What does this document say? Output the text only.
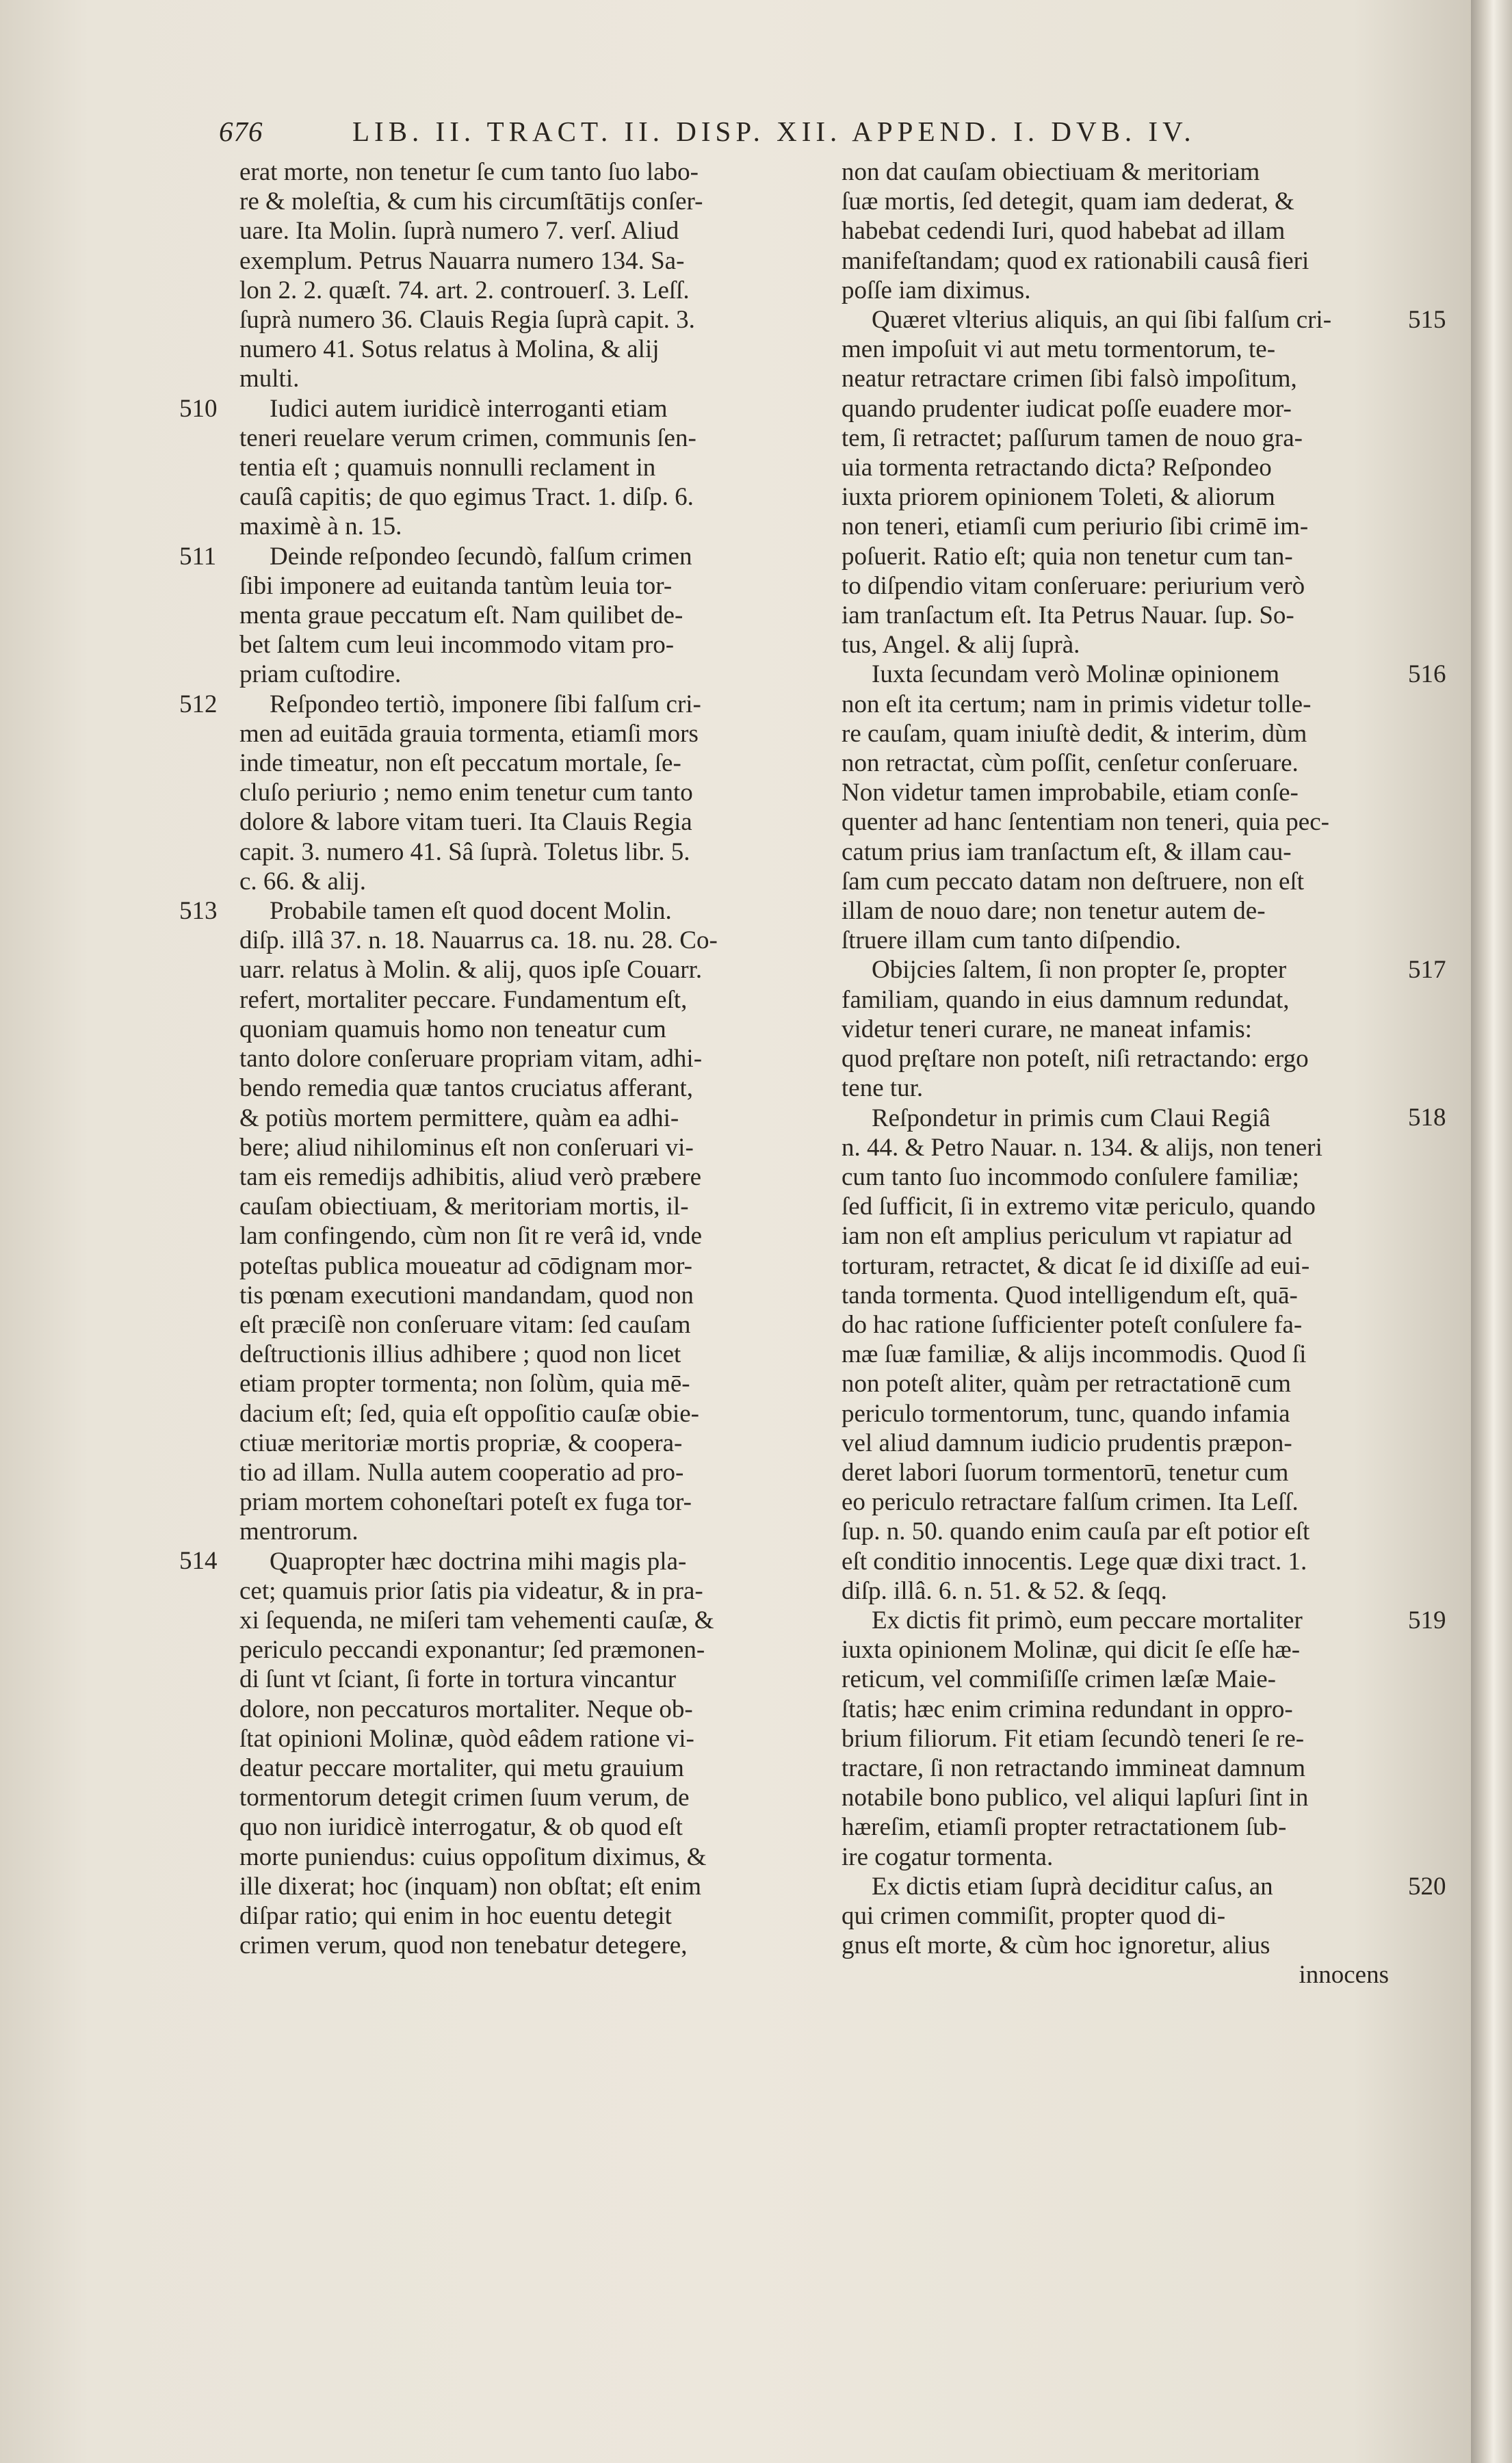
676	LIB. II. TRACT. II. DISP. XII. APPEND. I. DVB. IV.
erat morte, non tenetur ſe cum tanto ſuo labo-
re & moleſtia, & cum his circumſtātijs conſer-
uare. Ita Molin. ſuprà numero 7. verſ. Aliud
exemplum. Petrus Nauarra numero 134. Sa-
lon 2. 2. quæſt. 74. art. 2. controuerſ. 3. Leſſ.
ſuprà numero 36. Clauis Regia ſuprà capit. 3.
numero 41. Sotus relatus à Molina, & alij
multi.
Iudici autem iuridicè interroganti etiam
teneri reuelare verum crimen, communis ſen-
tentia eſt ; quamuis nonnulli reclament in
cauſâ capitis; de quo egimus Tract. 1. diſp. 6.
maximè à n. 15.
Deinde reſpondeo ſecundò, falſum crimen
ſibi imponere ad euitanda tantùm leuia tor-
menta graue peccatum eſt. Nam quilibet de-
bet ſaltem cum leui incommodo vitam pro-
priam cuſtodire.
Reſpondeo tertiò, imponere ſibi falſum cri-
men ad euitāda grauia tormenta, etiamſi mors
inde timeatur, non eſt peccatum mortale, ſe-
cluſo periurio ; nemo enim tenetur cum tanto
dolore & labore vitam tueri. Ita Clauis Regia
capit. 3. numero 41. Sâ ſuprà. Toletus libr. 5.
c. 66. & alij.
Probabile tamen eſt quod docent Molin.
diſp. illâ 37. n. 18. Nauarrus ca. 18. nu. 28. Co-
uarr. relatus à Molin. & alij, quos ipſe Couarr.
refert, mortaliter peccare. Fundamentum eſt,
quoniam quamuis homo non teneatur cum
tanto dolore conſeruare propriam vitam, adhi-
bendo remedia quæ tantos cruciatus afferant,
& potiùs mortem permittere, quàm ea adhi-
bere; aliud nihilominus eſt non conſeruari vi-
tam eis remedijs adhibitis, aliud verò præbere
cauſam obiectiuam, & meritoriam mortis, il-
lam confingendo, cùm non ſit re verâ id, vnde
poteſtas publica moueatur ad cōdignam mor-
tis pœnam executioni mandandam, quod non
eſt præciſè non conſeruare vitam: ſed cauſam
deſtructionis illius adhibere ; quod non licet
etiam propter tormenta; non ſolùm, quia mē-
dacium eſt; ſed, quia eſt oppoſitio cauſæ obie-
ctiuæ meritoriæ mortis propriæ, & coopera-
tio ad illam. Nulla autem cooperatio ad pro-
priam mortem cohoneſtari poteſt ex fuga tor-
mentrorum.
Quapropter hæc doctrina mihi magis pla-
cet; quamuis prior ſatis pia videatur, & in pra-
xi ſequenda, ne miſeri tam vehementi cauſæ, &
periculo peccandi exponantur; ſed præmonen-
di ſunt vt ſciant, ſi forte in tortura vincantur
dolore, non peccaturos mortaliter. Neque ob-
ſtat opinioni Molinæ, quòd eâdem ratione vi-
deatur peccare mortaliter, qui metu grauium
tormentorum detegit crimen ſuum verum, de
quo non iuridicè interrogatur, & ob quod eſt
morte puniendus: cuius oppoſitum diximus, &
ille dixerat; hoc (inquam) non obſtat; eſt enim
diſpar ratio; qui enim in hoc euentu detegit
crimen verum, quod non tenebatur detegere,
non dat cauſam obiectiuam & meritoriam
ſuæ mortis, ſed detegit, quam iam dederat, &
habebat cedendi Iuri, quod habebat ad illam
manifeſtandam; quod ex rationabili causâ fieri
poſſe iam diximus.
Quæret vlterius aliquis, an qui ſibi falſum cri-
men impoſuit vi aut metu tormentorum, te-
neatur retractare crimen ſibi falsò impoſitum,
quando prudenter iudicat poſſe euadere mor-
tem, ſi retractet; paſſurum tamen de nouo gra-
uia tormenta retractando dicta? Reſpondeo
iuxta priorem opinionem Toleti, & aliorum
non teneri, etiamſi cum periurio ſibi crimē im-
poſuerit. Ratio eſt; quia non tenetur cum tan-
to diſpendio vitam conſeruare: periurium verò
iam tranſactum eſt. Ita Petrus Nauar. ſup. So-
tus, Angel. & alij ſuprà.
Iuxta ſecundam verò Molinæ opinionem
non eſt ita certum; nam in primis videtur tolle-
re cauſam, quam iniuſtè dedit, & interim, dùm
non retractat, cùm poſſit, cenſetur conſeruare.
Non videtur tamen improbabile, etiam conſe-
quenter ad hanc ſententiam non teneri, quia pec-
catum prius iam tranſactum eſt, & illam cau-
ſam cum peccato datam non deſtruere, non eſt
illam de nouo dare; non tenetur autem de-
ſtruere illam cum tanto diſpendio.
Obijcies ſaltem, ſi non propter ſe, propter
familiam, quando in eius damnum redundat,
videtur teneri curare, ne maneat infamis:
quod pręſtare non poteſt, niſi retractando: ergo
tene tur.
Reſpondetur in primis cum Claui Regiâ
n. 44. & Petro Nauar. n. 134. & alijs, non teneri
cum tanto ſuo incommodo conſulere familiæ;
ſed ſufficit, ſi in extremo vitæ periculo, quando
iam non eſt amplius periculum vt rapiatur ad
torturam, retractet, & dicat ſe id dixiſſe ad eui-
tanda tormenta. Quod intelligendum eſt, quā-
do hac ratione ſufficienter poteſt conſulere fa-
mæ ſuæ familiæ, & alijs incommodis. Quod ſi
non poteſt aliter, quàm per retractationē cum
periculo tormentorum, tunc, quando infamia
vel aliud damnum iudicio prudentis præpon-
deret labori ſuorum tormentorū, tenetur cum
eo periculo retractare falſum crimen. Ita Leſſ.
ſup. n. 50. quando enim cauſa par eſt potior eſt
eſt conditio innocentis. Lege quæ dixi tract. 1.
diſp. illâ. 6. n. 51. & 52. & ſeqq.
Ex dictis fit primò, eum peccare mortaliter
iuxta opinionem Molinæ, qui dicit ſe eſſe hæ-
reticum, vel commiſiſſe crimen læſæ Maie-
ſtatis; hæc enim crimina redundant in oppro-
brium filiorum. Fit etiam ſecundò teneri ſe re-
tractare, ſi non retractando immineat damnum
notabile bono publico, vel aliqui lapſuri ſint in
hæreſim, etiamſi propter retractationem ſub-
ire cogatur tormenta.
Ex dictis etiam ſuprà deciditur caſus, an
qui crimen commiſit, propter quod di-
gnus eſt morte, & cùm hoc ignoretur, alius
innocens
510
511
512
513
514
515
516
517
518
519
520
